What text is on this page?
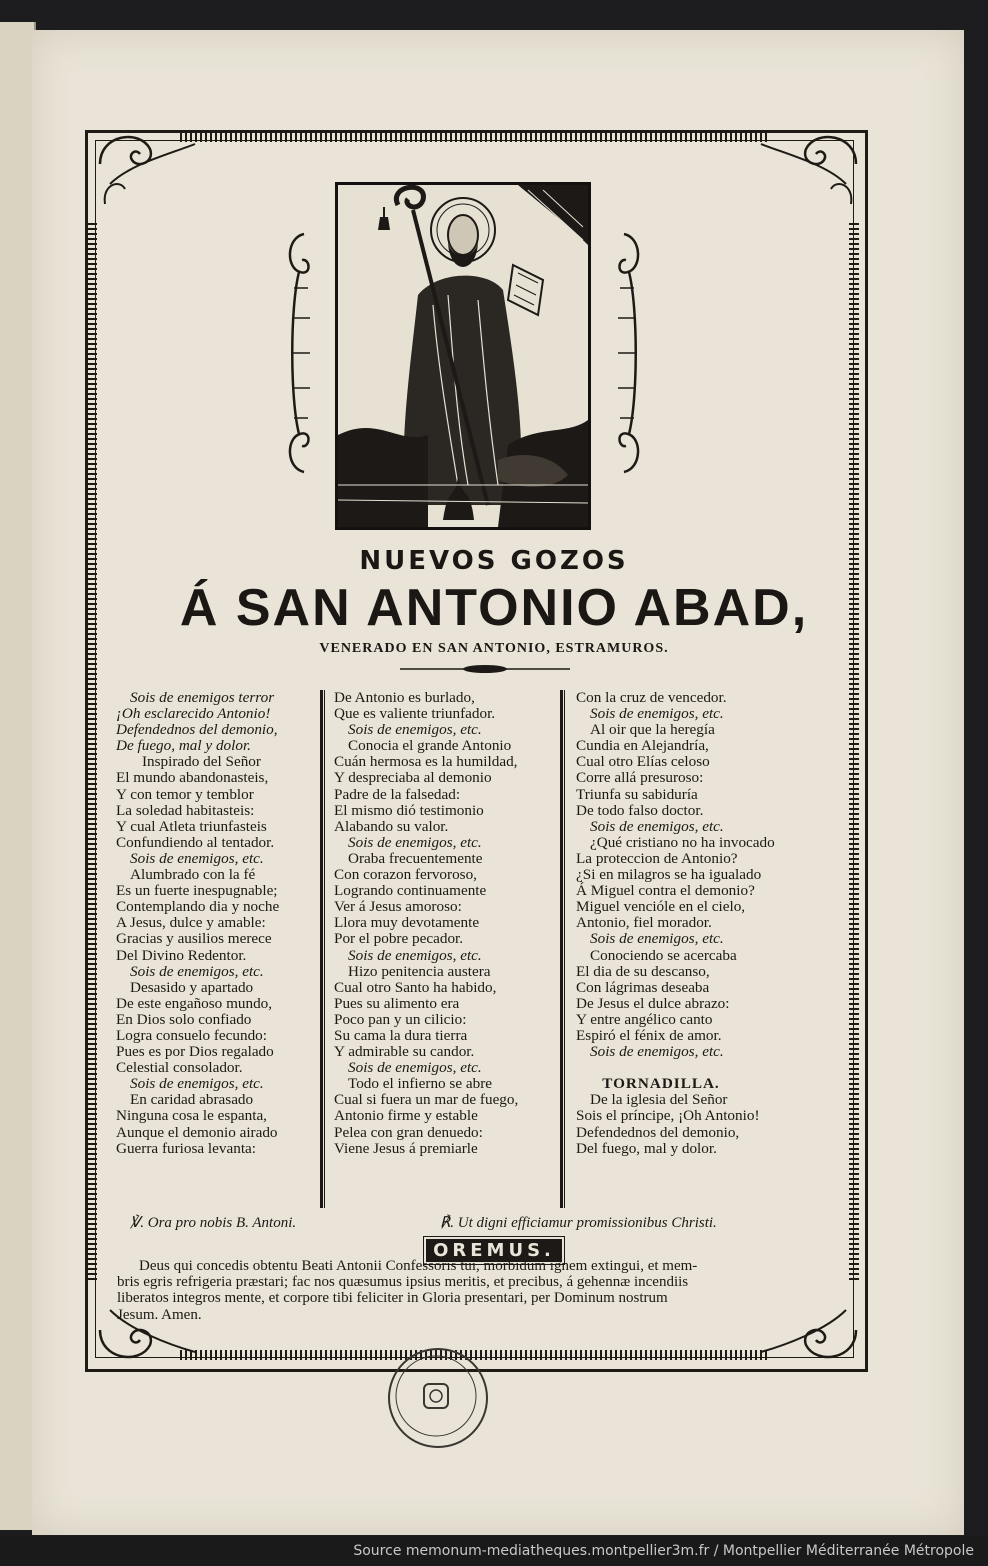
NUEVOS GOZOS
Á SAN ANTONIO ABAD,
VENERADO EN SAN ANTONIO, ESTRAMUROS.
Sois de enemigos terror
¡Oh esclarecido Antonio!
Defendednos del demonio,
De fuego, mal y dolor.
Inspirado del Señor
El mundo abandonasteis,
Y con temor y temblor
La soledad habitasteis:
Y cual Atleta triunfasteis
Confundiendo al tentador.
Sois de enemigos, etc.
Alumbrado con la fé
Es un fuerte inespugnable;
Contemplando dia y noche
A Jesus, dulce y amable:
Gracias y ausilios merece
Del Divino Redentor.
Sois de enemigos, etc.
Desasido y apartado
De este engañoso mundo,
En Dios solo confiado
Logra consuelo fecundo:
Pues es por Dios regalado
Celestial consolador.
Sois de enemigos, etc.
En caridad abrasado
Ninguna cosa le espanta,
Aunque el demonio airado
Guerra furiosa levanta:
De Antonio es burlado,
Que es valiente triunfador.
Sois de enemigos, etc.
Conocia el grande Antonio
Cuán hermosa es la humildad,
Y despreciaba al demonio
Padre de la falsedad:
El mismo dió testimonio
Alabando su valor.
Sois de enemigos, etc.
Oraba frecuentemente
Con corazon fervoroso,
Logrando continuamente
Ver á Jesus amoroso:
Llora muy devotamente
Por el pobre pecador.
Sois de enemigos, etc.
Hizo penitencia austera
Cual otro Santo ha habido,
Pues su alimento era
Poco pan y un cilicio:
Su cama la dura tierra
Y admirable su candor.
Sois de enemigos, etc.
Todo el infierno se abre
Cual si fuera un mar de fuego,
Antonio firme y estable
Pelea con gran denuedo:
Viene Jesus á premiarle
Con la cruz de vencedor.
Sois de enemigos, etc.
Al oir que la heregía
Cundia en Alejandría,
Cual otro Elías celoso
Corre allá presuroso:
Triunfa su sabiduría
De todo falso doctor.
Sois de enemigos, etc.
¿Qué cristiano no ha invocado
La proteccion de Antonio?
¿Si en milagros se ha igualado
Á Miguel contra el demonio?
Miguel vencióle en el cielo,
Antonio, fiel morador.
Sois de enemigos, etc.
Conociendo se acercaba
El dia de su descanso,
Con lágrimas deseaba
De Jesus el dulce abrazo:
Y entre angélico canto
Espiró el fénix de amor.
Sois de enemigos, etc.
TORNADILLA.
De la iglesia del Señor
Sois el príncipe, ¡Oh Antonio!
Defendednos del demonio,
Del fuego, mal y dolor.
℣. Ora pro nobis B. Antoni.	℟. Ut digni efficiamur promissionibus Christi.
OREMUS.
Deus qui concedis obtentu Beati Antonii Confessoris tui, morbidum ignem extingui, et mem-
bris egris refrigeria præstari; fac nos quæsumus ipsius meritis, et precibus, á gehennæ incendiis
liberatos integros mente, et corpore tibi feliciter in Gloria presentari, per Dominum nostrum
Jesum. Amen.
Source memonum-mediatheques.montpellier3m.fr / Montpellier Méditerranée Métropole
